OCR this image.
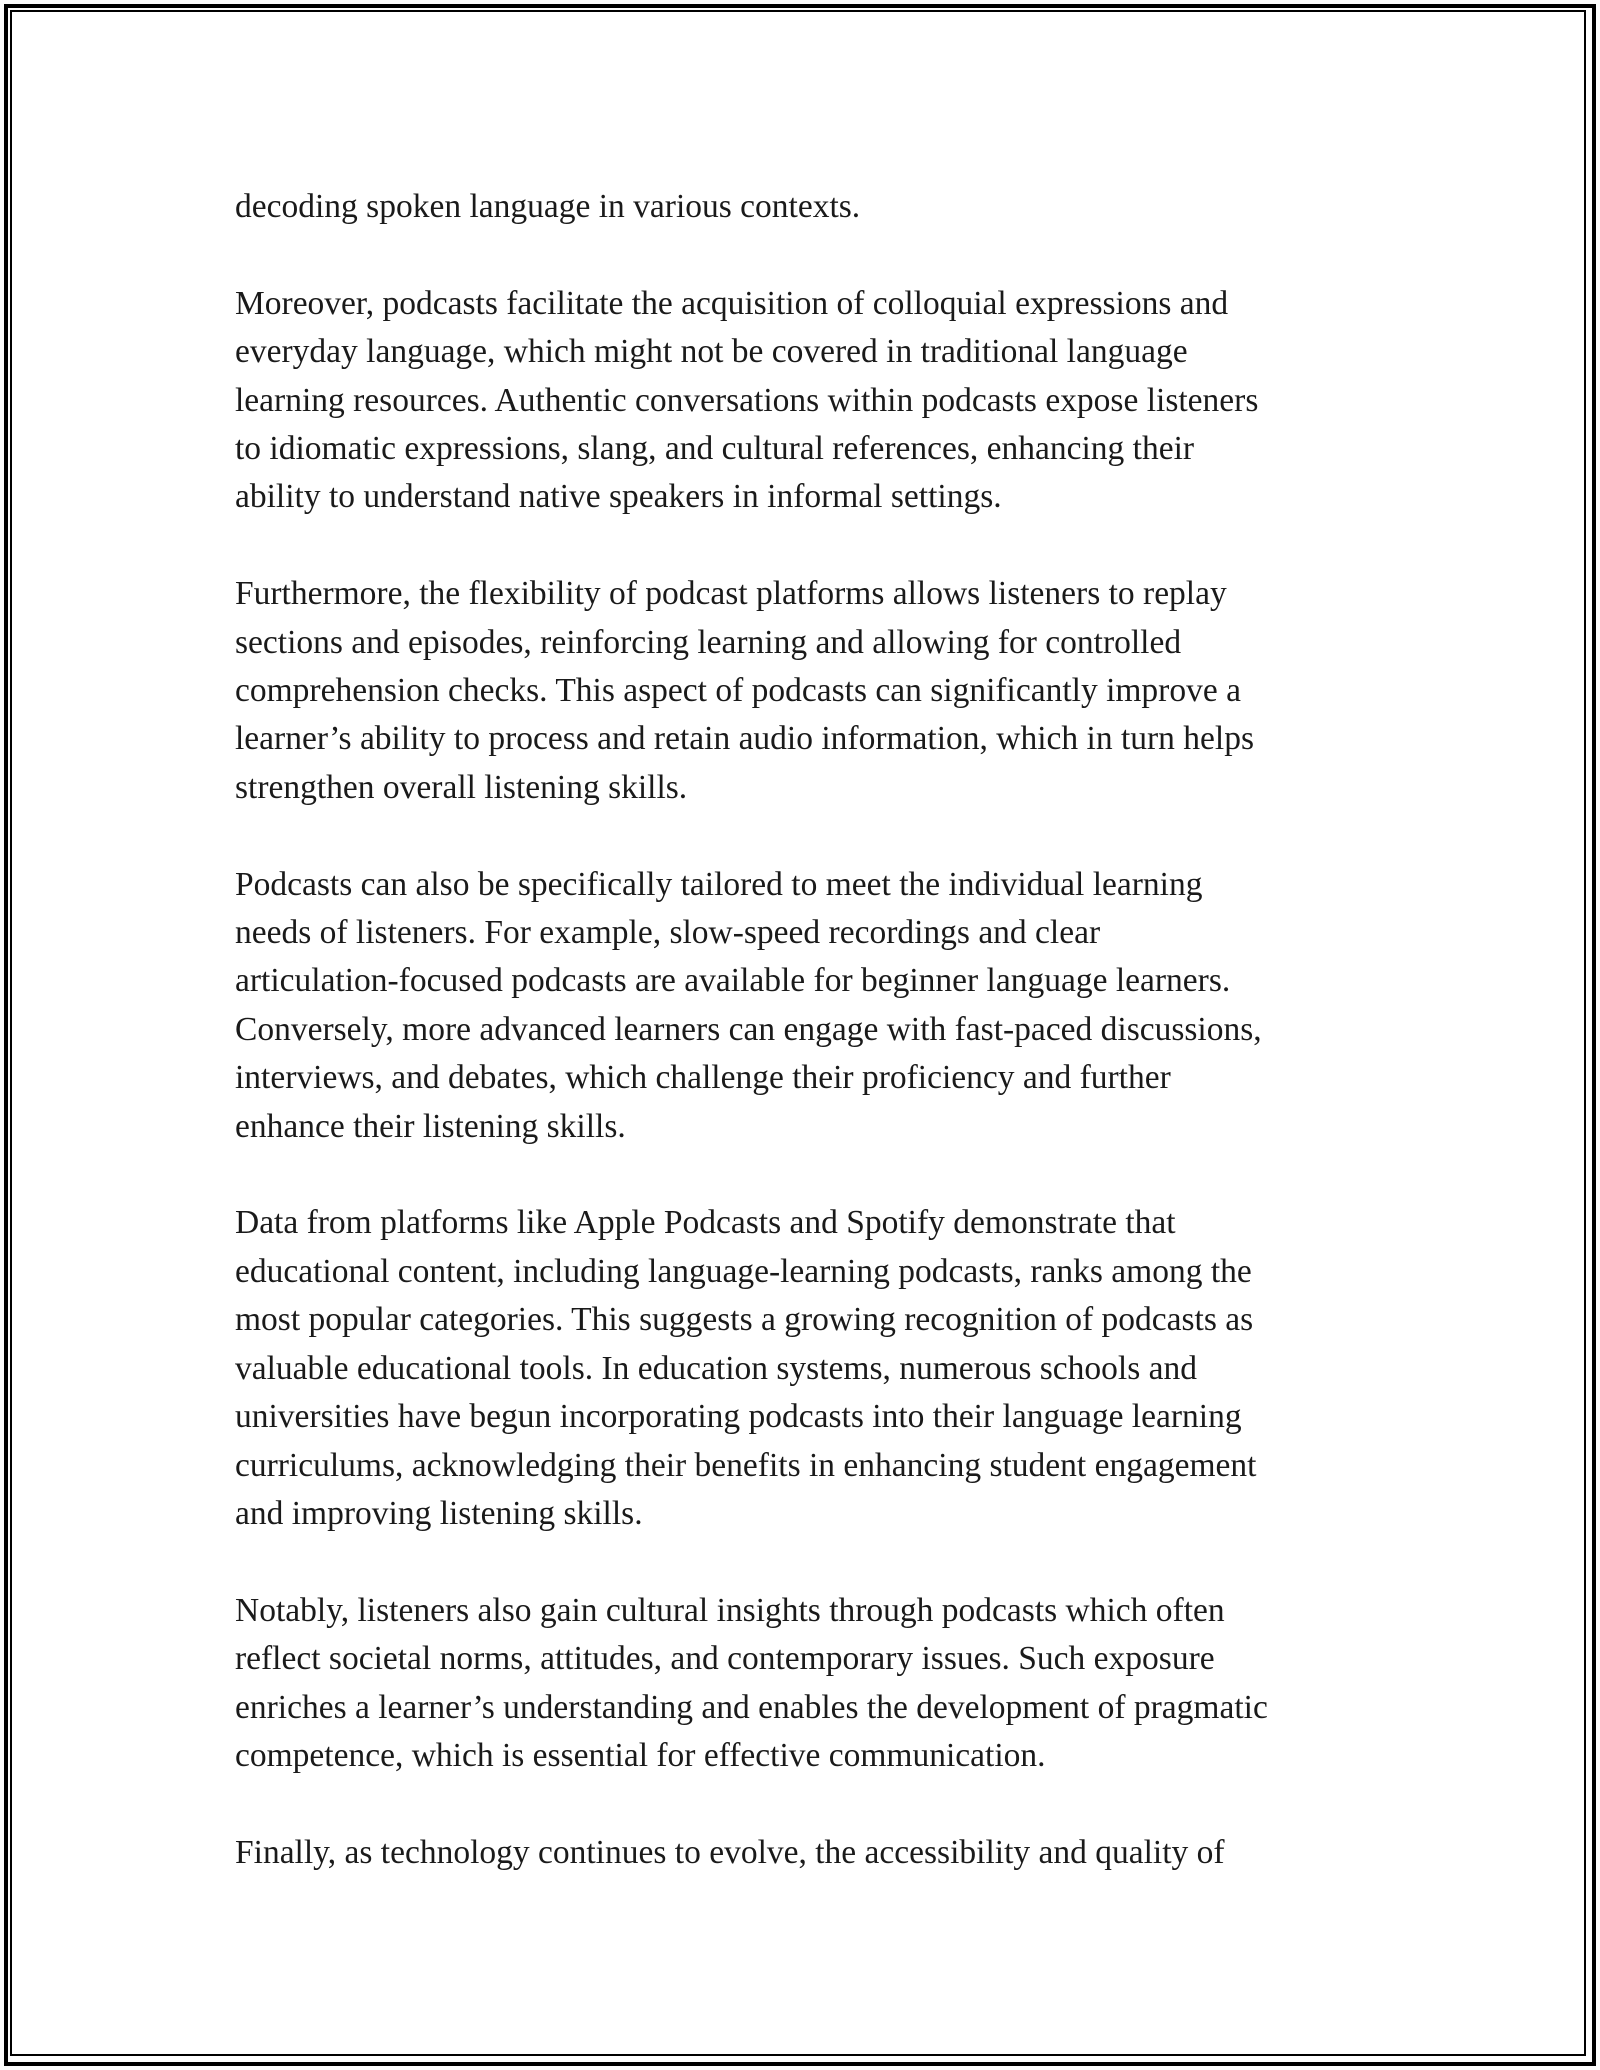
decoding spoken language in various contexts.

Moreover, podcasts facilitate the acquisition of colloquial expressions and
everyday language, which might not be covered in traditional language
learning resources. Authentic conversations within podcasts expose listeners
to idiomatic expressions, slang, and cultural references, enhancing their
ability to understand native speakers in informal settings.

Furthermore, the flexibility of podcast platforms allows listeners to replay
sections and episodes, reinforcing learning and allowing for controlled
comprehension checks. This aspect of podcasts can significantly improve a
learner’s ability to process and retain audio information, which in turn helps
strengthen overall listening skills.

Podcasts can also be specifically tailored to meet the individual learning
needs of listeners. For example, slow-speed recordings and clear
articulation-focused podcasts are available for beginner language learners.
Conversely, more advanced learners can engage with fast-paced discussions,
interviews, and debates, which challenge their proficiency and further
enhance their listening skills.

Data from platforms like Apple Podcasts and Spotify demonstrate that
educational content, including language-learning podcasts, ranks among the
most popular categories. This suggests a growing recognition of podcasts as
valuable educational tools. In education systems, numerous schools and
universities have begun incorporating podcasts into their language learning
curriculums, acknowledging their benefits in enhancing student engagement
and improving listening skills.

Notably, listeners also gain cultural insights through podcasts which often
reflect societal norms, attitudes, and contemporary issues. Such exposure
enriches a learner’s understanding and enables the development of pragmatic
competence, which is essential for effective communication.

Finally, as technology continues to evolve, the accessibility and quality of
